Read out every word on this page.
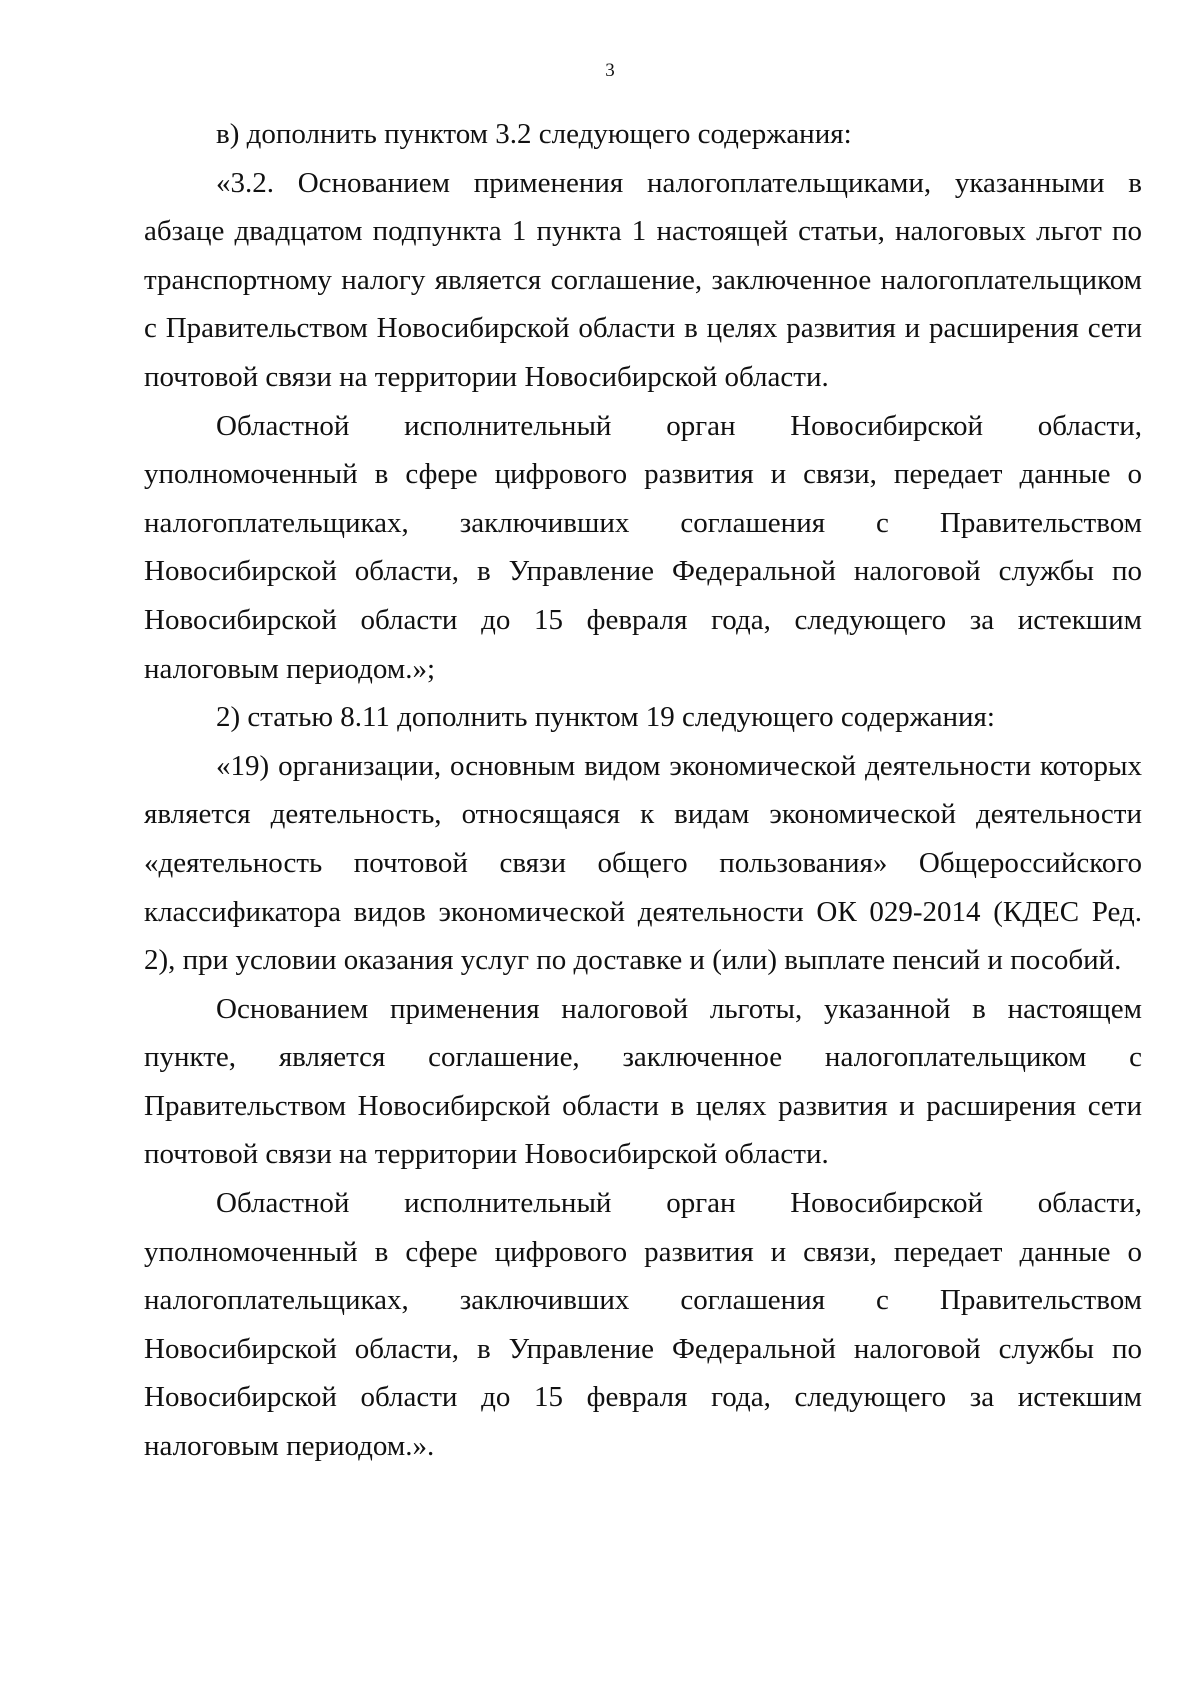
3

в) дополнить пунктом 3.2 следующего содержания:

«3.2. Основанием применения налогоплательщиками, указанными в абзаце двадцатом подпункта 1 пункта 1 настоящей статьи, налоговых льгот по транспортному налогу является соглашение, заключенное налогоплательщиком с Правительством Новосибирской области в целях развития и расширения сети почтовой связи на территории Новосибирской области.

Областной исполнительный орган Новосибирской области, уполномоченный в сфере цифрового развития и связи, передает данные о налогоплательщиках, заключивших соглашения с Правительством Новосибирской области, в Управление Федеральной налоговой службы по Новосибирской области до 15 февраля года, следующего за истекшим налоговым периодом.»;

2) статью 8.11 дополнить пунктом 19 следующего содержания:

«19) организации, основным видом экономической деятельности которых является деятельность, относящаяся к видам экономической деятельности «деятельность почтовой связи общего пользования» Общероссийского классификатора видов экономической деятельности ОК 029-2014 (КДЕС Ред. 2), при условии оказания услуг по доставке и (или) выплате пенсий и пособий.

Основанием применения налоговой льготы, указанной в настоящем пункте, является соглашение, заключенное налогоплательщиком с Правительством Новосибирской области в целях развития и расширения сети почтовой связи на территории Новосибирской области.

Областной исполнительный орган Новосибирской области, уполномоченный в сфере цифрового развития и связи, передает данные о налогоплательщиках, заключивших соглашения с Правительством Новосибирской области, в Управление Федеральной налоговой службы по Новосибирской области до 15 февраля года, следующего за истекшим налоговым периодом.».
